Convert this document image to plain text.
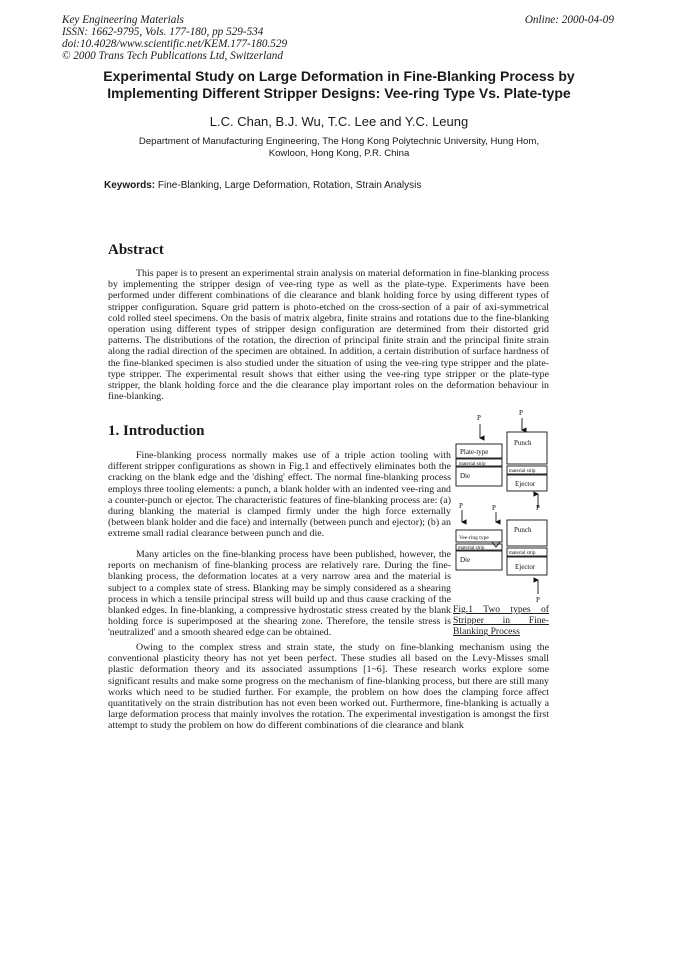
Key Engineering Materials	Online: 2000-04-09
ISSN: 1662-9795, Vols. 177-180, pp 529-534
doi:10.4028/www.scientific.net/KEM.177-180.529
© 2000 Trans Tech Publications Ltd, Switzerland
Experimental Study on Large Deformation in Fine-Blanking Process by
Implementing Different Stripper Designs: Vee-ring Type Vs. Plate-type
L.C. Chan, B.J. Wu, T.C. Lee and Y.C. Leung
Department of Manufacturing Engineering, The Hong Kong Polytechnic University, Hung Hom,
Kowloon, Hong Kong, P.R. China
Keywords: Fine-Blanking, Large Deformation, Rotation, Strain Analysis
Abstract

This paper is to present an experimental strain analysis on material deformation in fine-blanking process by implementing the stripper design of vee-ring type as well as the plate-type. Experiments have been performed under different combinations of die clearance and blank holding force by using different types of stripper configuration. Square grid pattern is photo-etched on the cross-section of a pair of axi-symmetrical cold rolled steel specimens. On the basis of matrix algebra, finite strains and rotations due to the fine-blanking operation using different types of stripper design configuration are determined from their distorted grid patterns. The distributions of the rotation, the direction of principal finite strain and the principal finite strain along the radial direction of the specimen are obtained. In addition, a certain distribution of surface hardness of the fine-blanked specimen is also studied under the situation of using the vee-ring type stripper and the plate-type stripper. The experimental result shows that either using the vee-ring type stripper or the plate-type stripper, the blank holding force and the die clearance play important roles on the deformation behaviour in fine-blanking.

1. Introduction

Fine-blanking process normally makes use of a triple action tooling with different stripper configurations as shown in Fig.1 and effectively eliminates both the cracking on the blank edge and the 'dishing' effect. The normal fine-blanking process employs three tooling elements: a punch, a blank holder with an indented vee-ring and a counter-punch or ejector. The characteristic features of fine-blanking process are: (a) during blanking the material is clamped firmly under the high force externally (between blank holder and die face) and internally (between punch and ejector); (b) an extreme small radial clearance between punch and die.

Many articles on the fine-blanking process have been published, however, the reports on mechanism of fine-blanking process are relatively rare. During the fine-blanking process, the deformation locates at a very narrow area and the material is subject to a complex state of stress. Blanking may be simply considered as a shearing process in which a tensile principal stress will build up and thus cause cracking of the blanked edges. In fine-blanking, a compressive hydrostatic stress created by the blank holding force is superimposed at the shearing zone. Therefore, the tensile stress is 'neutralized' and a smooth sheared edge can be obtained.

Owing to the complex stress and strain state, the study on fine-blanking mechanism using the conventional plasticity theory has not yet been perfect. These studies all based on the Levy-Misses small plastic deformation theory and its associated assumptions [1~6]. These research works explore some significant results and make some progress on the mechanism of fine-blanking process, but there are still many works which need to be studied further. For example, the problem on how does the clamping force affect quantitatively on the strain distribution has not even been worked out. Furthermore, fine-blanking is actually a large deformation process that mainly involves the rotation. The experimental investigation is amongst the first attempt to study the problem on how do different combinations of die clearance and blank

P
P
Punch
Plate-type
material strip
Die
material strip
Ejector
P
P	P
Punch
Vee-ring type
material strip
Die
material strip
Ejector
P
Fig.1 Two types of Stripper in Fine-Blanking Process
